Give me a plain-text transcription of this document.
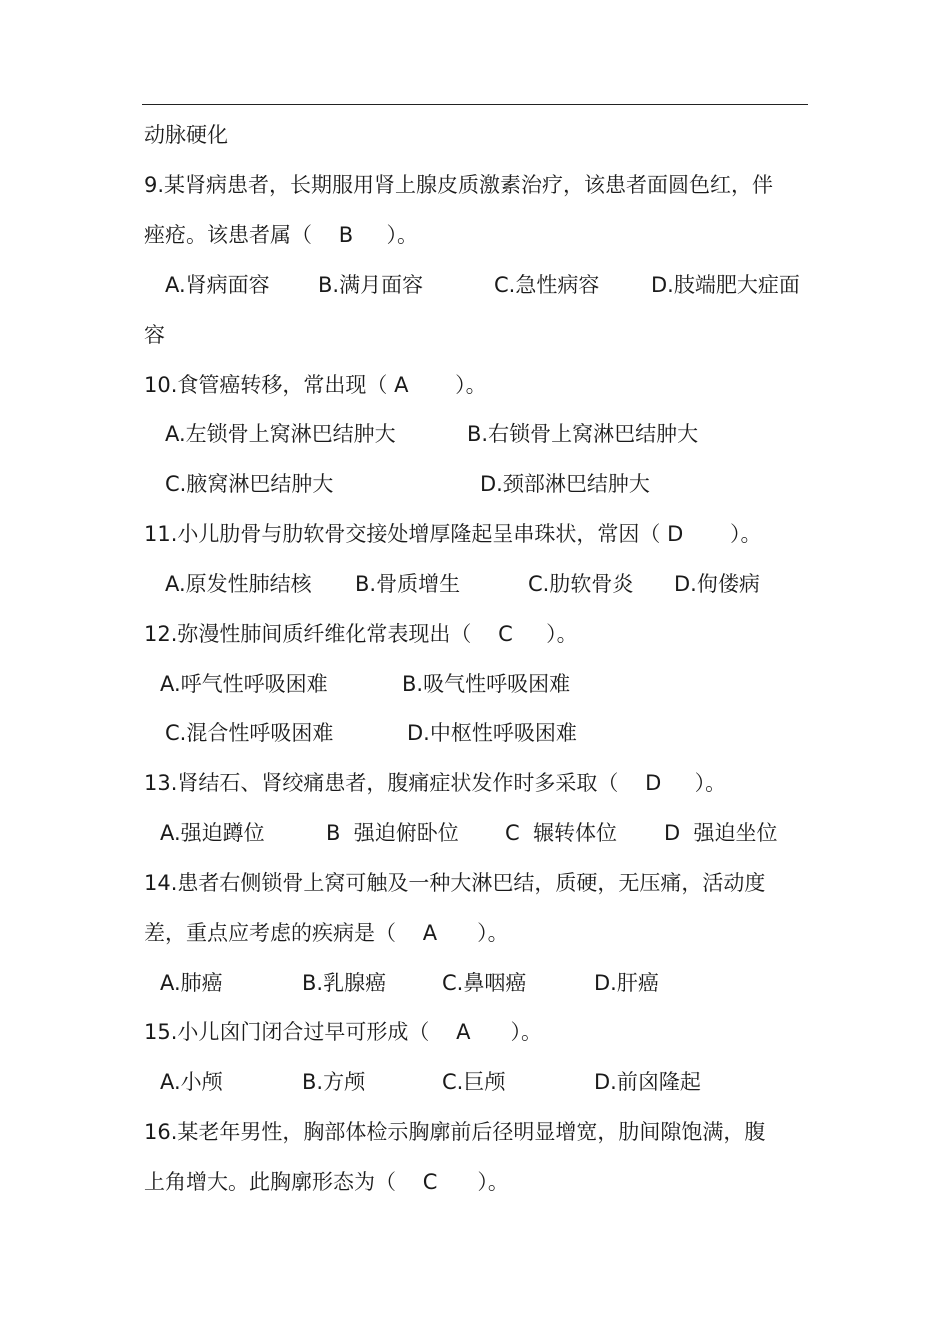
动脉硬化
9.某肾病患者，长期服用肾上腺皮质激素治疗，该患者面圆色红，伴
痤疮。该患者属（    B     ）。
A.肾病面容 B.满月面容	C.急性病容 D.肢端肥大症面
容
10.食管癌转移，常出现（ A       ）。
A.左锁骨上窝淋巴结肿大	B.右锁骨上窝淋巴结肿大
C.腋窝淋巴结肿大	D.颈部淋巴结肿大
11.小儿肋骨与肋软骨交接处增厚隆起呈串珠状，常因（ D       ）。
A.原发性肺结核 B.骨质增生	C.肋软骨炎 D.佝偻病
12.弥漫性肺间质纤维化常表现出（    C     ）。
A.呼气性呼吸困难	B.吸气性呼吸困难
C.混合性呼吸困难	D.中枢性呼吸困难
13.肾结石、肾绞痛患者，腹痛症状发作时多采取（    D     ）。
A.强迫蹲位	B  强迫俯卧位 C  辗转体位 D  强迫坐位
14.患者右侧锁骨上窝可触及一种大淋巴结，质硬，无压痛，活动度
差，重点应考虑的疾病是（    A      ）。
A.肺癌	B.乳腺癌	C.鼻咽癌	D.肝癌
15.小儿囟门闭合过早可形成（    A      ）。
A.小颅	B.方颅	C.巨颅	D.前囟隆起
16.某老年男性，胸部体检示胸廓前后径明显增宽，肋间隙饱满，腹
上角增大。此胸廓形态为（    C      ）。
